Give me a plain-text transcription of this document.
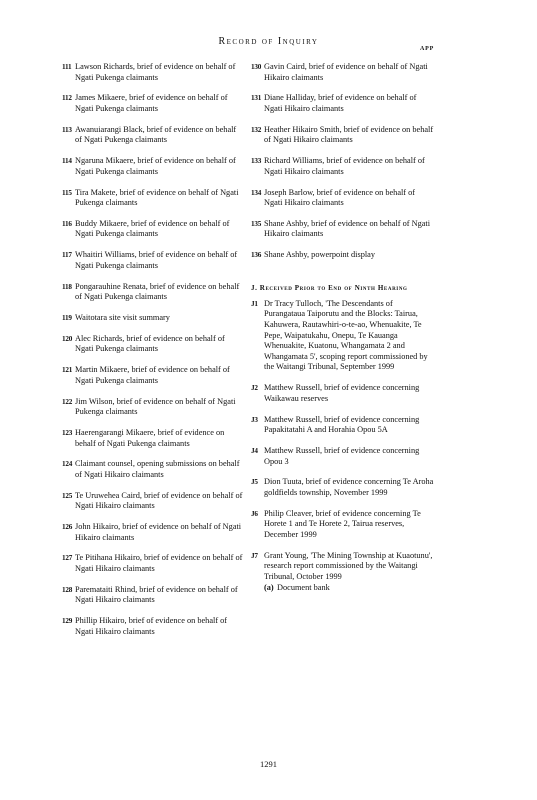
Record of Inquiry
APP
111 Lawson Richards, brief of evidence on behalf of Ngati Pukenga claimants
112 James Mikaere, brief of evidence on behalf of Ngati Pukenga claimants
113 Awanuiarangi Black, brief of evidence on behalf of Ngati Pukenga claimants
114 Ngaruna Mikaere, brief of evidence on behalf of Ngati Pukenga claimants
115 Tira Makete, brief of evidence on behalf of Ngati Pukenga claimants
116 Buddy Mikaere, brief of evidence on behalf of Ngati Pukenga claimants
117 Whaitiri Williams, brief of evidence on behalf of Ngati Pukenga claimants
118 Pongarauhine Renata, brief of evidence on behalf of Ngati Pukenga claimants
119 Waitotara site visit summary
120 Alec Richards, brief of evidence on behalf of Ngati Pukenga claimants
121 Martin Mikaere, brief of evidence on behalf of Ngati Pukenga claimants
122 Jim Wilson, brief of evidence on behalf of Ngati Pukenga claimants
123 Haerengarangi Mikaere, brief of evidence on behalf of Ngati Pukenga claimants
124 Claimant counsel, opening submissions on behalf of Ngati Hikairo claimants
125 Te Uruwehea Caird, brief of evidence on behalf of Ngati Hikairo claimants
126 John Hikairo, brief of evidence on behalf of Ngati Hikairo claimants
127 Te Pitihana Hikairo, brief of evidence on behalf of Ngati Hikairo claimants
128 Paremataiti Rhind, brief of evidence on behalf of Ngati Hikairo claimants
129 Phillip Hikairo, brief of evidence on behalf of Ngati Hikairo claimants
130 Gavin Caird, brief of evidence on behalf of Ngati Hikairo claimants
131 Diane Halliday, brief of evidence on behalf of Ngati Hikairo claimants
132 Heather Hikairo Smith, brief of evidence on behalf of Ngati Hikairo claimants
133 Richard Williams, brief of evidence on behalf of Ngati Hikairo claimants
134 Joseph Barlow, brief of evidence on behalf of Ngati Hikairo claimants
135 Shane Ashby, brief of evidence on behalf of Ngati Hikairo claimants
136 Shane Ashby, powerpoint display
J. Received Prior to End of Ninth Hearing
J1 Dr Tracy Tulloch, 'The Descendants of Purangataua Taiporutu and the Blocks: Tairua, Kahuwera, Rautawhiri-o-te-ao, Whenuakite, Te Pepe, Waipatukahu, Onepu, Te Kauanga Whenuakite, Kuatonu, Whangamata 2 and Whangamata 5', scoping report commissioned by the Waitangi Tribunal, September 1999
J2 Matthew Russell, brief of evidence concerning Waikawau reserves
J3 Matthew Russell, brief of evidence concerning Papakitatahi A and Horahia Opou 5A
J4 Matthew Russell, brief of evidence concerning Opou 3
J5 Dion Tuuta, brief of evidence concerning Te Aroha goldfields township, November 1999
J6 Philip Cleaver, brief of evidence concerning Te Horete 1 and Te Horete 2, Tairua reserves, December 1999
J7 Grant Young, 'The Mining Township at Kuaotunu', research report commissioned by the Waitangi Tribunal, October 1999
(a) Document bank
1291
